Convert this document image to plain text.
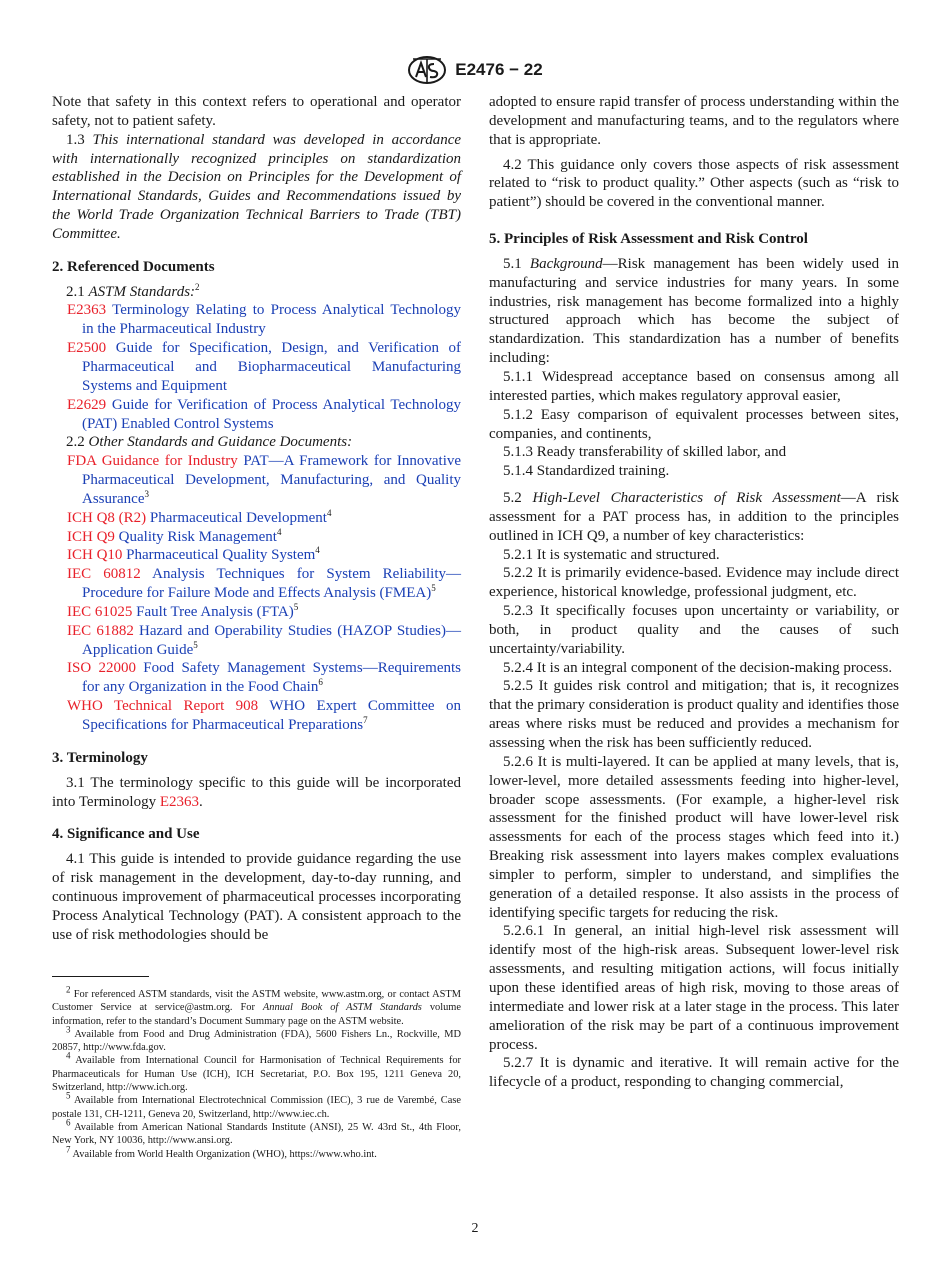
E2476 − 22

Note that safety in this context refers to operational and operator safety, not to patient safety.

1.3 This international standard was developed in accordance with internationally recognized principles on standardization established in the Decision on Principles for the Development of International Standards, Guides and Recommendations issued by the World Trade Organization Technical Barriers to Trade (TBT) Committee.

2. Referenced Documents

2.1 ASTM Standards:$^2$

E2363 Terminology Relating to Process Analytical Technology in the Pharmaceutical Industry

E2500 Guide for Specification, Design, and Verification of Pharmaceutical and Biopharmaceutical Manufacturing Systems and Equipment

E2629 Guide for Verification of Process Analytical Technology (PAT) Enabled Control Systems

2.2 Other Standards and Guidance Documents:

FDA Guidance for Industry PAT—A Framework for Innovative Pharmaceutical Development, Manufacturing, and Quality Assurance$^3$

ICH Q8 (R2) Pharmaceutical Development$^4$

ICH Q9 Quality Risk Management$^4$

ICH Q10 Pharmaceutical Quality System$^4$

IEC 60812 Analysis Techniques for System Reliability—Procedure for Failure Mode and Effects Analysis (FMEA)$^5$

IEC 61025 Fault Tree Analysis (FTA)$^5$

IEC 61882 Hazard and Operability Studies (HAZOP Studies)—Application Guide$^5$

ISO 22000 Food Safety Management Systems—Requirements for any Organization in the Food Chain$^6$

WHO Technical Report 908 WHO Expert Committee on Specifications for Pharmaceutical Preparations$^7$

3. Terminology

3.1 The terminology specific to this guide will be incorporated into Terminology E2363.

4. Significance and Use

4.1 This guide is intended to provide guidance regarding the use of risk management in the development, day-to-day running, and continuous improvement of pharmaceutical processes incorporating Process Analytical Technology (PAT). A consistent approach to the use of risk methodologies should be

$^2$ For referenced ASTM standards, visit the ASTM website, www.astm.org, or contact ASTM Customer Service at service@astm.org. For Annual Book of ASTM Standards volume information, refer to the standard’s Document Summary page on the ASTM website.

$^3$ Available from Food and Drug Administration (FDA), 5600 Fishers Ln., Rockville, MD 20857, http://www.fda.gov.

$^4$ Available from International Council for Harmonisation of Technical Requirements for Pharmaceuticals for Human Use (ICH), ICH Secretariat, P.O. Box 195, 1211 Geneva 20, Switzerland, http://www.ich.org.

$^5$ Available from International Electrotechnical Commission (IEC), 3 rue de Varembé, Case postale 131, CH-1211, Geneva 20, Switzerland, http://www.iec.ch.

$^6$ Available from American National Standards Institute (ANSI), 25 W. 43rd St., 4th Floor, New York, NY 10036, http://www.ansi.org.

$^7$ Available from World Health Organization (WHO), https://www.who.int.

adopted to ensure rapid transfer of process understanding within the development and manufacturing teams, and to the regulators where that is appropriate.

4.2 This guidance only covers those aspects of risk assessment related to “risk to product quality.” Other aspects (such as “risk to patient”) should be covered in the conventional manner.

5. Principles of Risk Assessment and Risk Control

5.1 Background—Risk management has been widely used in manufacturing and service industries for many years. In some industries, risk management has become formalized into a highly structured approach which has become the subject of standardization. This standardization has a number of benefits including:

5.1.1 Widespread acceptance based on consensus among all interested parties, which makes regulatory approval easier,

5.1.2 Easy comparison of equivalent processes between sites, companies, and continents,

5.1.3 Ready transferability of skilled labor, and

5.1.4 Standardized training.

5.2 High-Level Characteristics of Risk Assessment—A risk assessment for a PAT process has, in addition to the principles outlined in ICH Q9, a number of key characteristics:

5.2.1 It is systematic and structured.

5.2.2 It is primarily evidence-based. Evidence may include direct experience, historical knowledge, professional judgment, etc.

5.2.3 It specifically focuses upon uncertainty or variability, or both, in product quality and the causes of such uncertainty/variability.

5.2.4 It is an integral component of the decision-making process.

5.2.5 It guides risk control and mitigation; that is, it recognizes that the primary consideration is product quality and identifies those areas where risks must be reduced and provides a mechanism for assessing when the risk has been sufficiently reduced.

5.2.6 It is multi-layered. It can be applied at many levels, that is, lower-level, more detailed assessments feeding into higher-level, broader scope assessments. (For example, a higher-level risk assessment for the finished product will have lower-level risk assessments for each of the process stages which feed into it.) Breaking risk assessment into layers makes complex evaluations simpler to perform, simpler to understand, and simplifies the generation of a detailed response. It also assists in the process of identifying specific targets for reducing the risk.

5.2.6.1 In general, an initial high-level risk assessment will identify most of the high-risk areas. Subsequent lower-level risk assessments, and resulting mitigation actions, will focus initially upon these identified areas of high risk, moving to those areas of intermediate and lower risk at a later stage in the process. This later amelioration of the risk may be part of a continuous improvement process.

5.2.7 It is dynamic and iterative. It will remain active for the lifecycle of a product, responding to changing commercial,

2
